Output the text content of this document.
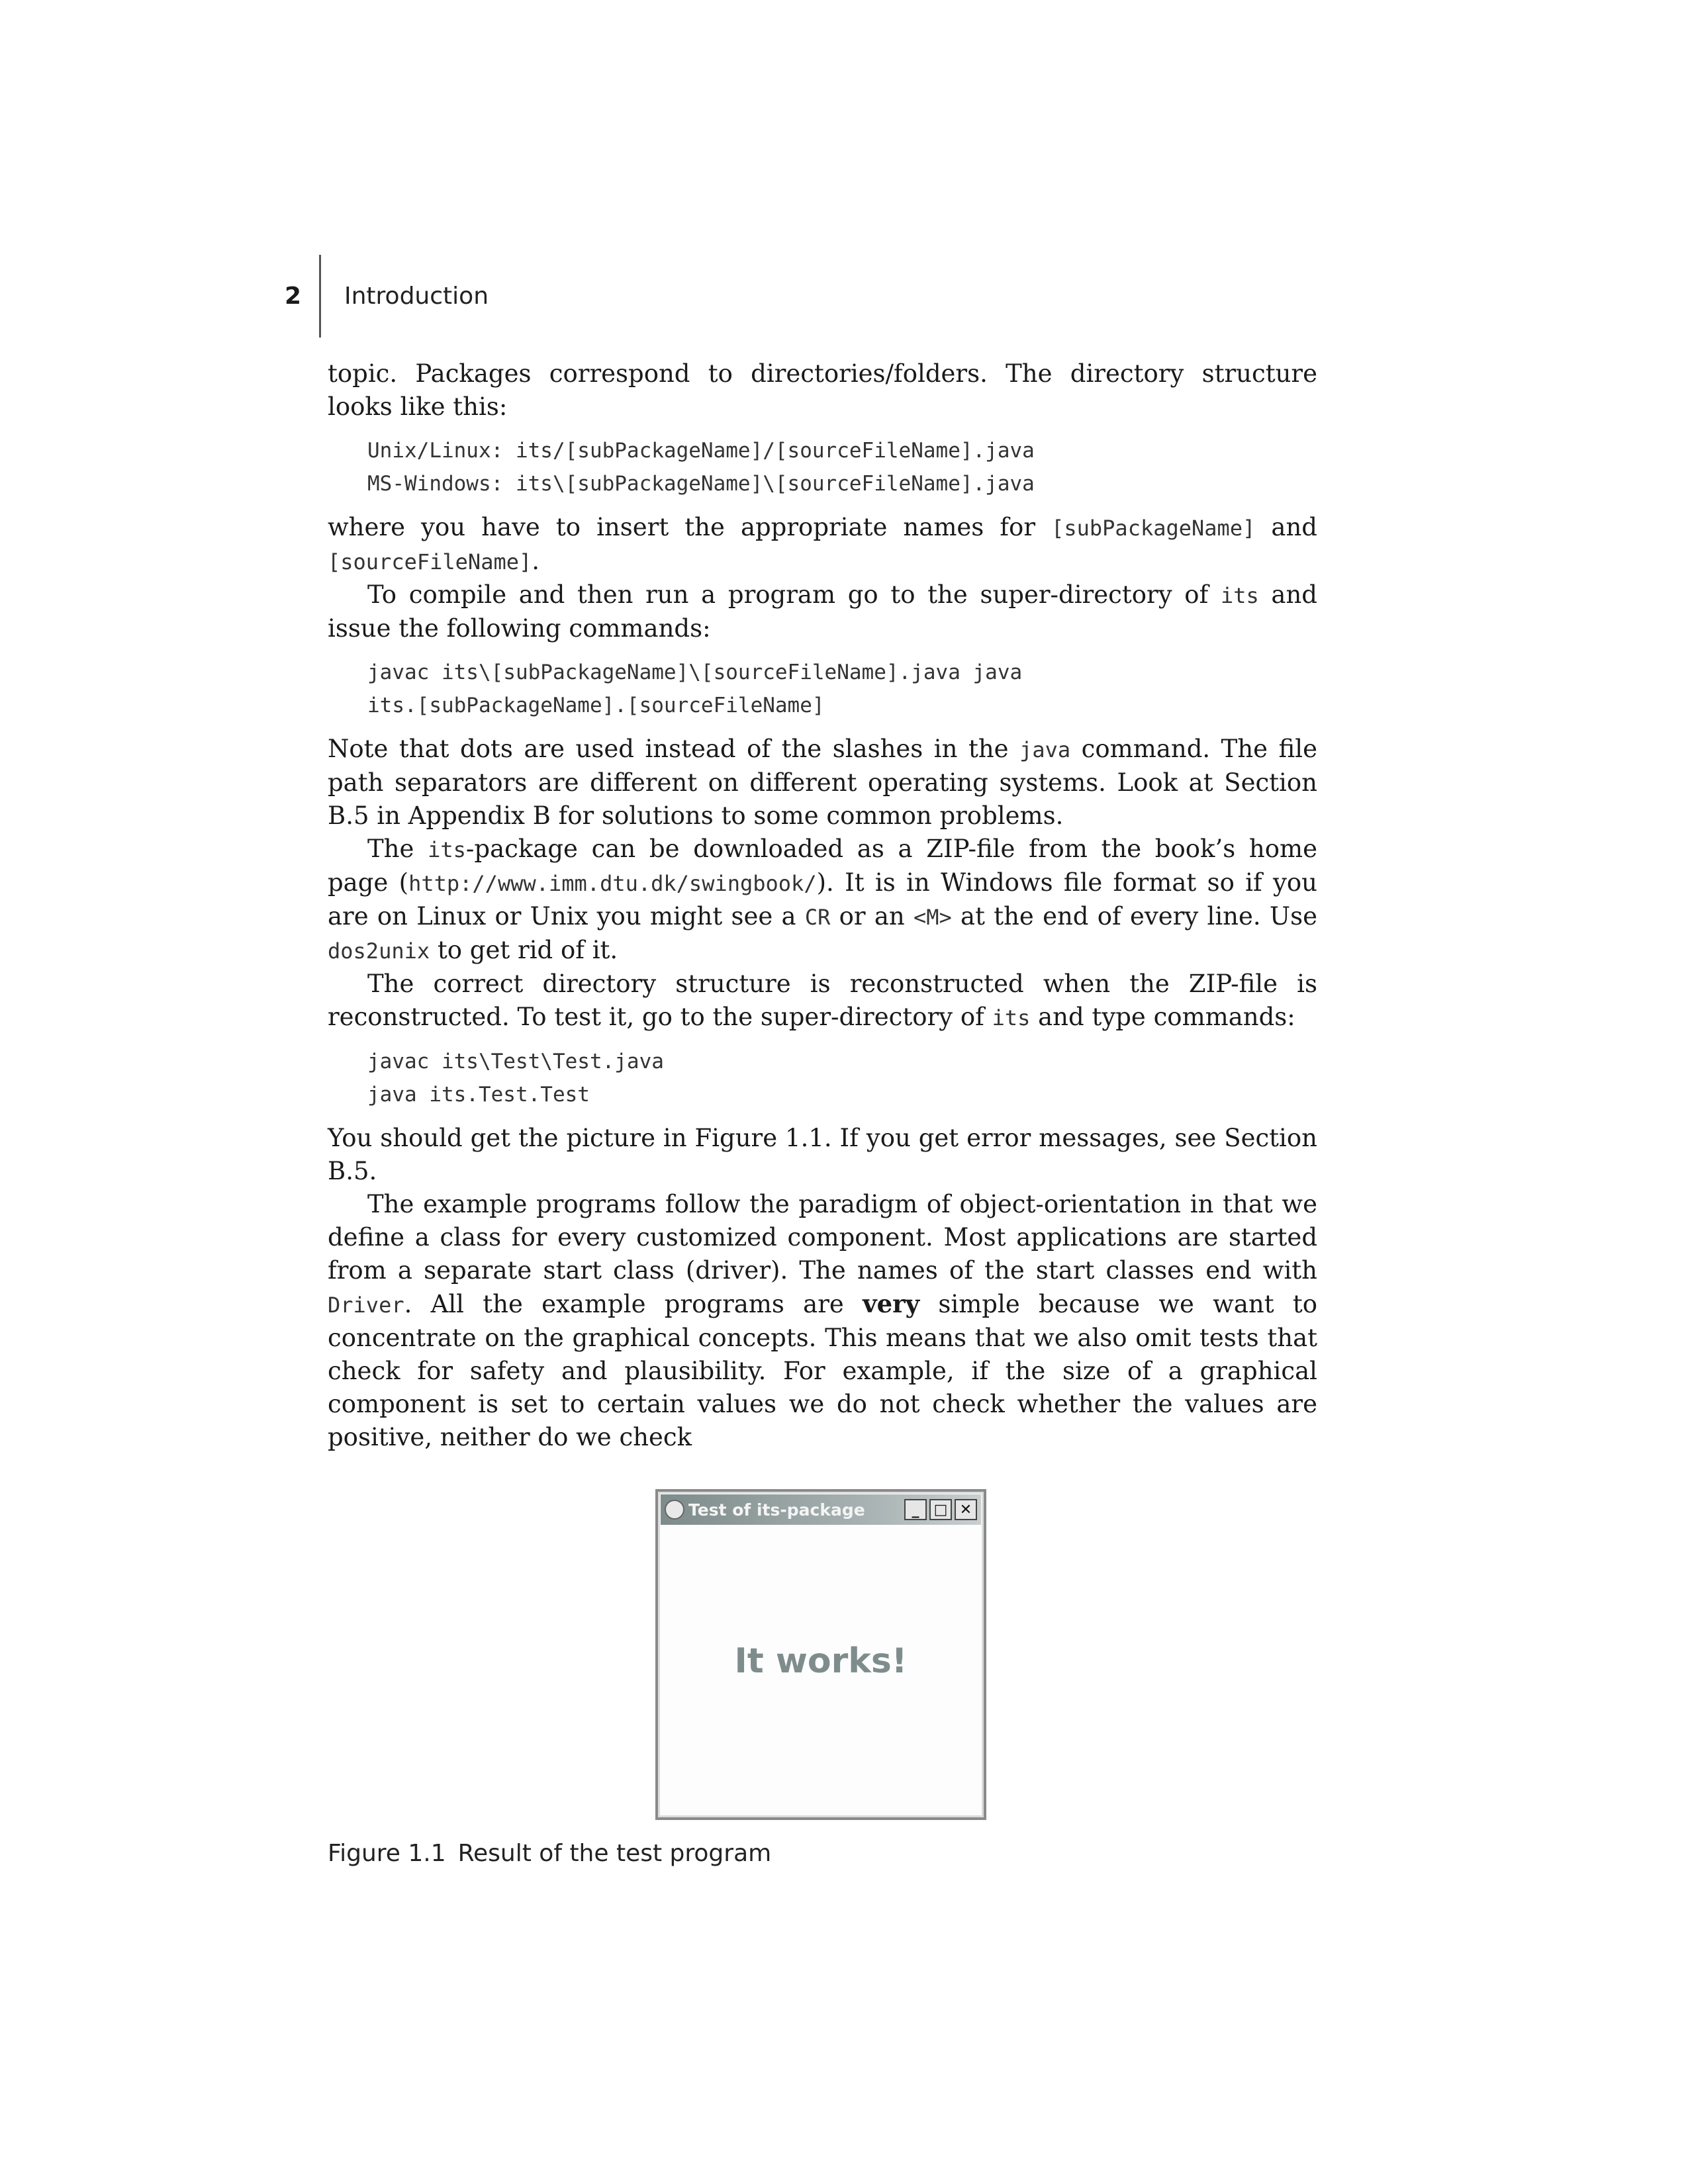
2	Introduction

topic. Packages correspond to directories/folders. The directory structure looks like this:

Unix/Linux: its/[subPackageName]/[sourceFileName].java
MS-Windows: its\[subPackageName]\[sourceFileName].java

where you have to insert the appropriate names for [subPackageName] and [sourceFileName].

To compile and then run a program go to the super-directory of its and issue the following commands:

javac its\[subPackageName]\[sourceFileName].java java
its.[subPackageName].[sourceFileName]

Note that dots are used instead of the slashes in the java command. The file path separators are different on different operating systems. Look at Section B.5 in Appendix B for solutions to some common problems.

The its-package can be downloaded as a ZIP-file from the book’s home page (http://www.imm.dtu.dk/swingbook/). It is in Windows file format so if you are on Linux or Unix you might see a CR or an <M> at the end of every line. Use dos2unix to get rid of it.

The correct directory structure is reconstructed when the ZIP-file is reconstructed. To test it, go to the super-directory of its and type commands:

javac its\Test\Test.java
java its.Test.Test

You should get the picture in Figure 1.1. If you get error messages, see Section B.5.

The example programs follow the paradigm of object-orientation in that we define a class for every customized component. Most applications are started from a separate start class (driver). The names of the start classes end with Driver. All the example programs are very simple because we want to concentrate on the graphical concepts. This means that we also omit tests that check for safety and plausibility. For example, if the size of a graphical component is set to certain values we do not check whether the values are positive, neither do we check

Test of its-package	_	□ ✕
It works!
Figure 1.1 Result of the test program
